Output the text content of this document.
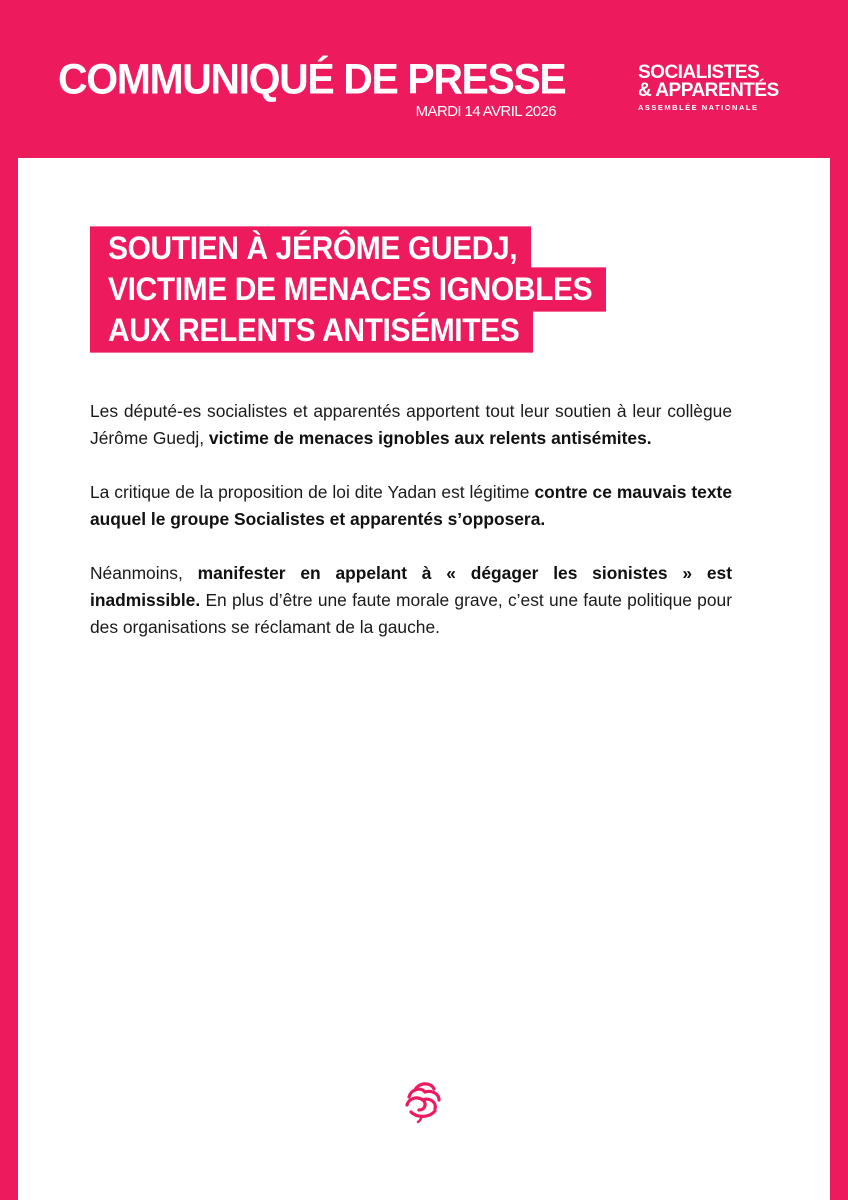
COMMUNIQUÉ DE PRESSE
MARDI 14 AVRIL 2026
SOCIALISTES
& APPARENTÉS
ASSEMBLÉE NATIONALE
SOUTIEN À JÉRÔME GUEDJ,
VICTIME DE MENACES IGNOBLES
AUX RELENTS ANTISÉMITES

Les député-es socialistes et apparentés apportent tout leur soutien à leur collègue Jérôme Guedj, victime de menaces ignobles aux relents antisémites.

La critique de la proposition de loi dite Yadan est légitime contre ce mauvais texte auquel le groupe Socialistes et apparentés s’opposera.

Néanmoins, manifester en appelant à « dégager les sionistes » est inadmissible. En plus d’être une faute morale grave, c’est une faute politique pour des organisations se réclamant de la gauche.
